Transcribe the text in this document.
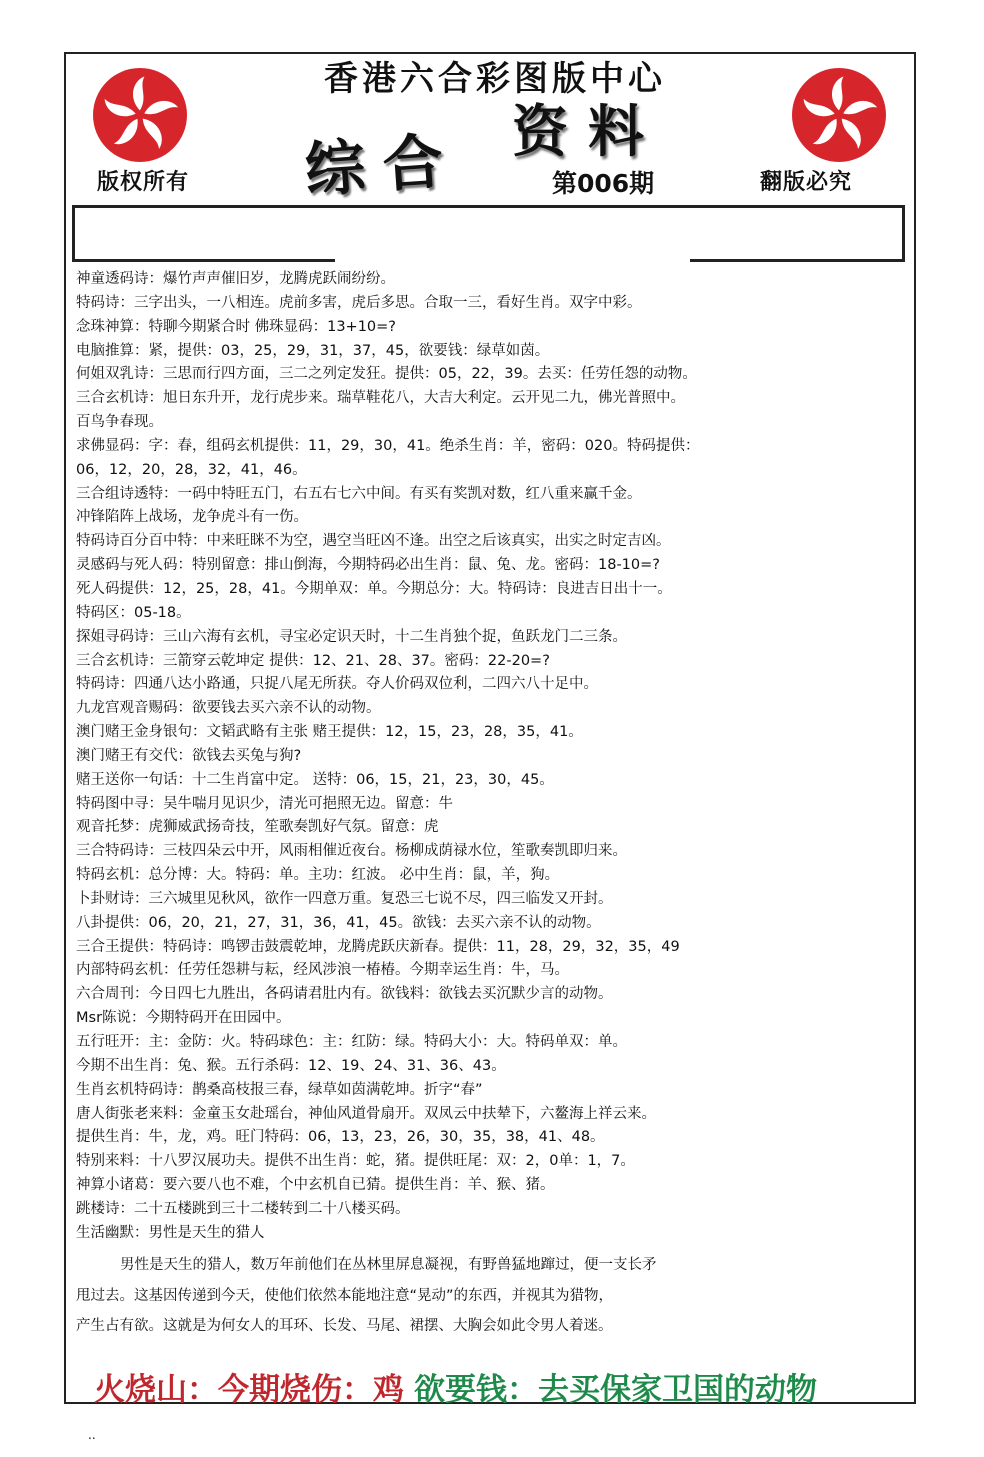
香港六合彩图版中心
综合 资料
第006期
版权所有	翻版必究
神童透码诗：爆竹声声催旧岁，龙腾虎跃闹纷纷。
特码诗：三字出头，一八相连。虎前多害，虎后多思。合取一三，看好生肖。双字中彩。
念珠神算：特聊今期紧合时 佛珠显码：13+10=?
电脑推算：紧，提供：03，25，29，31，37，45，欲要钱：绿草如茵。
何姐双乳诗：三思而行四方面，三二之列定发狂。提供：05，22，39。去买：任劳任怨的动物。
三合玄机诗：旭日东升开，龙行虎步来。瑞草鞋花八，大吉大利定。云开见二九，佛光普照中。
百鸟争春现。
求佛显码：字：春，组码玄机提供：11，29，30，41。绝杀生肖：羊，密码：020。特码提供：
06，12，20，28，32，41，46。
三合组诗透特：一码中特旺五门，右五右七六中间。有买有奖凯对数，红八重来赢千金。
冲锋陷阵上战场，龙争虎斗有一伤。
特码诗百分百中特：中来旺眯不为空，遇空当旺凶不逢。出空之后该真实，出实之时定吉凶。
灵感码与死人码：特别留意：排山倒海，今期特码必出生肖：鼠、兔、龙。密码：18-10=?
死人码提供：12，25，28，41。今期单双：单。今期总分：大。特码诗：良进吉日出十一。
特码区：05-18。
探姐寻码诗：三山六海有玄机，寻宝必定识天时，十二生肖独个捉，鱼跃龙门二三条。
三合玄机诗：三箭穿云乾坤定 提供：12、21、28、37。密码：22-20=?
特码诗：四通八达小路通，只捉八尾无所获。夺人价码双位利，二四六八十足中。
九龙宫观音赐码：欲要钱去买六亲不认的动物。
澳门赌王金身银句：文韬武略有主张 赌王提供：12，15，23，28，35，41。
澳门赌王有交代：欲钱去买兔与狗?
赌王送你一句话：十二生肖富中定。 送特：06，15，21，23，30，45。
特码图中寻：吴牛喘月见识少，清光可挹照无边。留意：牛
观音托梦：虎狮威武扬奇技，笙歌奏凯好气氛。留意：虎
三合特码诗：三枝四朵云中开，风雨相催近夜台。杨柳成荫禄水位，笙歌奏凯即归来。
特码玄机：总分博：大。特码：单。主功：红波。 必中生肖：鼠，羊，狗。
卜卦财诗：三六城里见秋风，欲作一四意万重。复恐三七说不尽，四三临发又开封。
八卦提供：06，20，21，27，31，36，41，45。欲钱：去买六亲不认的动物。
三合王提供：特码诗：鸣锣击鼓震乾坤，龙腾虎跃庆新春。提供：11，28，29，32，35，49
内部特码玄机：任劳任怨耕与耘，经风涉浪一椿椿。今期幸运生肖：牛，马。
六合周刊：今日四七九胜出，各码请君肚内有。欲钱料：欲钱去买沉默少言的动物。
Msr陈说：今期特码开在田园中。
五行旺开：主：金防：火。特码球色：主：红防：绿。特码大小：大。特码单双：单。
今期不出生肖：兔、猴。五行杀码：12、19、24、31、36、43。
生肖玄机特码诗：鹊桑高枝报三春，绿草如茵满乾坤。折字“春”
唐人街张老来料：金童玉女赴瑶台，神仙风道骨扇开。双凤云中扶辇下，六鳌海上祥云来。
提供生肖：牛，龙，鸡。旺门特码：06，13，23，26，30，35，38，41、48。
特别来料：十八罗汉展功夫。提供不出生肖：蛇，猪。提供旺尾：双：2，0单：1，7。
神算小诸葛：要六要八也不难，个中玄机自已猜。提供生肖：羊、猴、猪。
跳楼诗：二十五楼跳到三十二楼转到二十八楼买码。
生活幽默：男性是天生的猎人
男性是天生的猎人，数万年前他们在丛林里屏息凝视，有野兽猛地蹿过，便一支长矛
甩过去。这基因传递到今天，使他们依然本能地注意“晃动”的东西，并视其为猎物，
产生占有欲。这就是为何女人的耳环、长发、马尾、裙摆、大胸会如此令男人着迷。
火烧山：今期烧伤：鸡 欲要钱：去买保家卫国的动物
..
